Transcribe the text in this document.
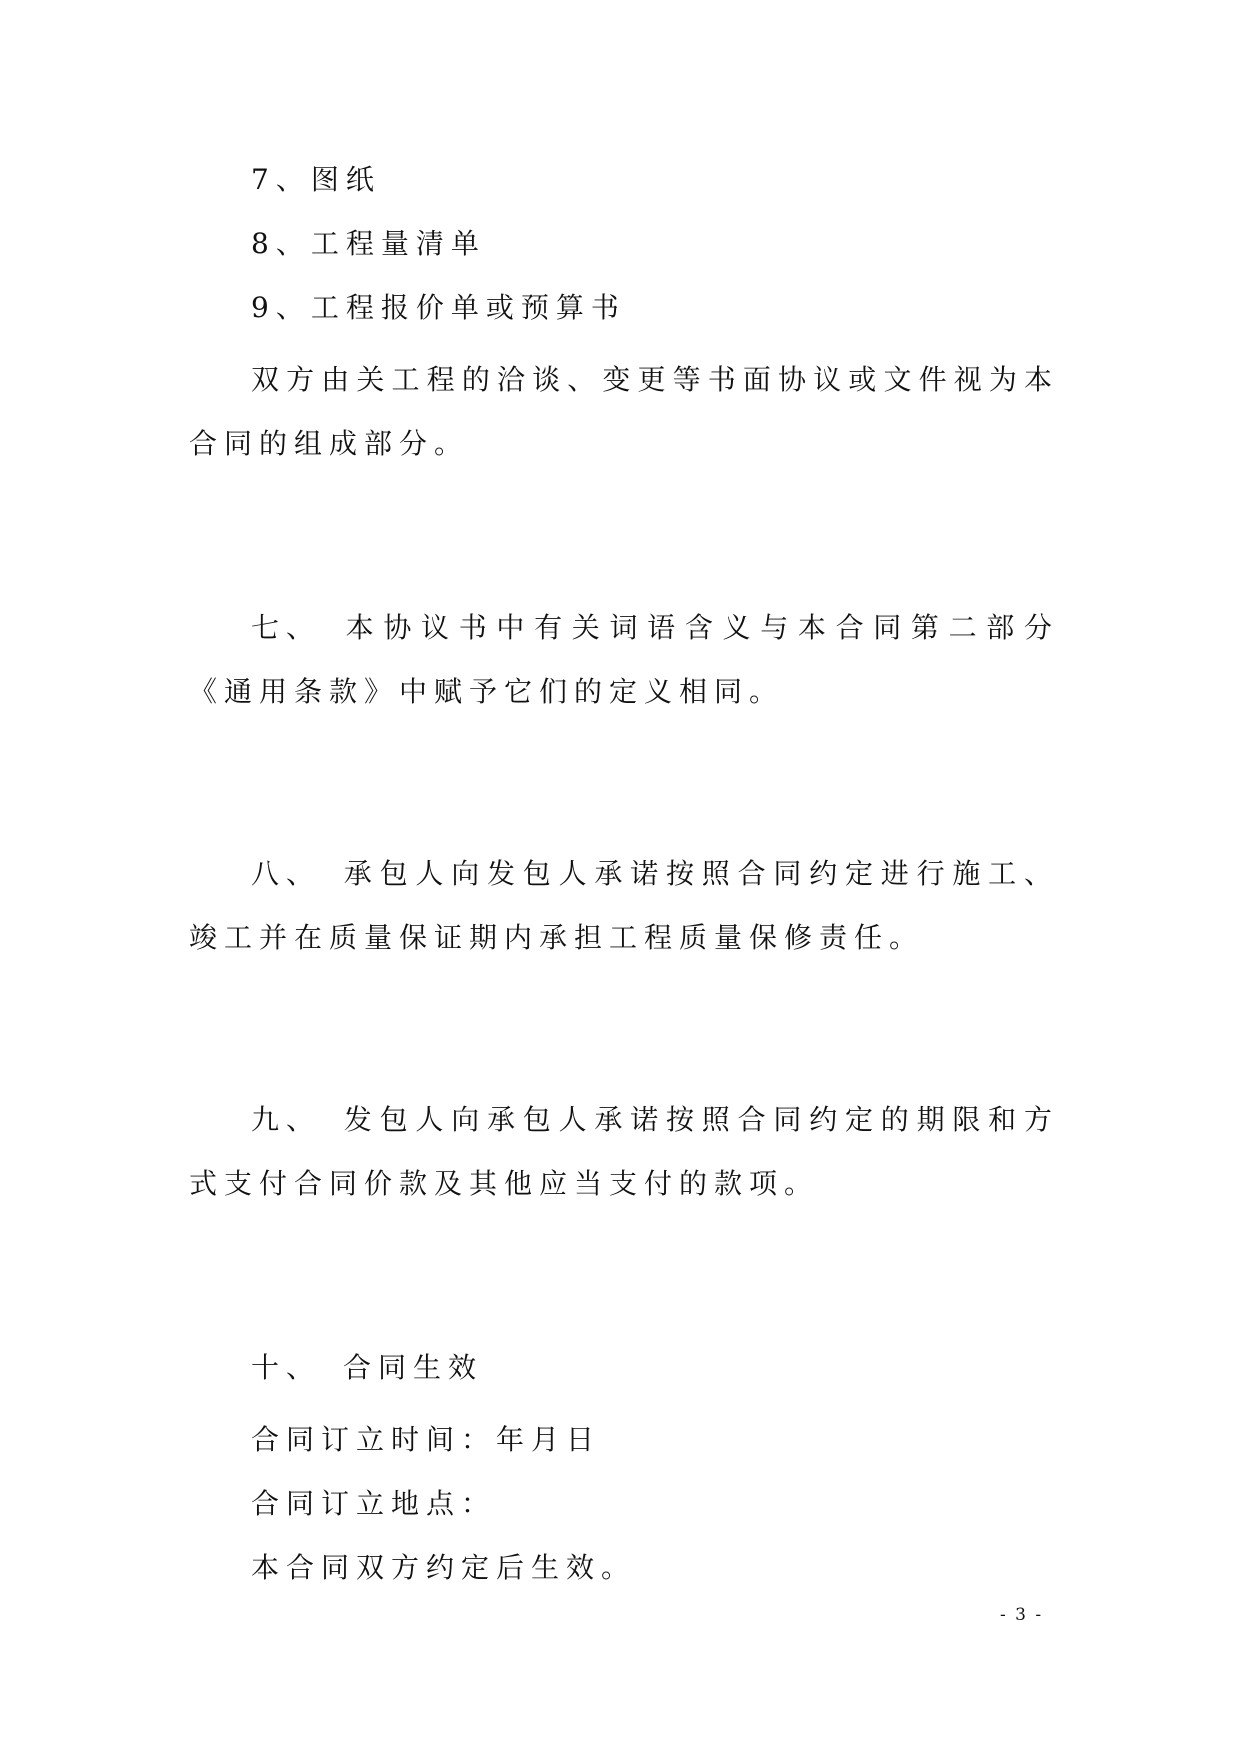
7、图纸
8、工程量清单
9、工程报价单或预算书
双方由关工程的洽谈、变更等书面协议或文件视为本合同的组成部分。
七、 本协议书中有关词语含义与本合同第二部分《通用条款》中赋予它们的定义相同。
八、 承包人向发包人承诺按照合同约定进行施工、竣工并在质量保证期内承担工程质量保修责任。
九、 发包人向承包人承诺按照合同约定的期限和方式支付合同价款及其他应当支付的款项。
十、 合同生效
合同订立时间：年月日
合同订立地点：
本合同双方约定后生效。
- 3 -
